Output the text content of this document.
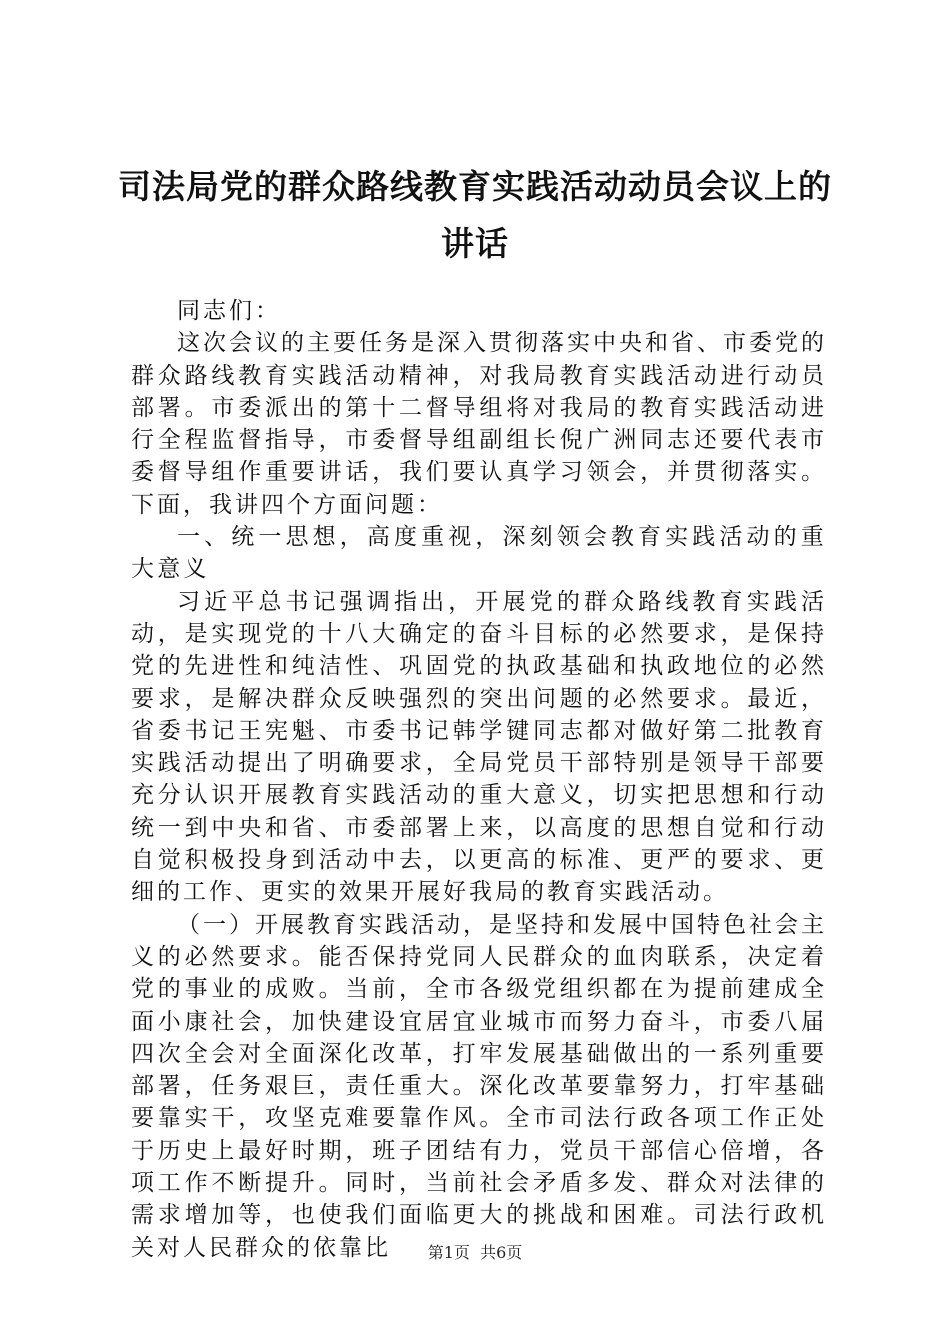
司法局党的群众路线教育实践活动动员会议上的讲话

同志们：

这次会议的主要任务是深入贯彻落实中央和省、市委党的群众路线教育实践活动精神，对我局教育实践活动进行动员部署。市委派出的第十二督导组将对我局的教育实践活动进行全程监督指导，市委督导组副组长倪广洲同志还要代表市委督导组作重要讲话，我们要认真学习领会，并贯彻落实。下面，我讲四个方面问题：

一、统一思想，高度重视，深刻领会教育实践活动的重大意义

习近平总书记强调指出，开展党的群众路线教育实践活动，是实现党的十八大确定的奋斗目标的必然要求，是保持党的先进性和纯洁性、巩固党的执政基础和执政地位的必然要求，是解决群众反映强烈的突出问题的必然要求。最近，省委书记王宪魁、市委书记韩学键同志都对做好第二批教育实践活动提出了明确要求，全局党员干部特别是领导干部要充分认识开展教育实践活动的重大意义，切实把思想和行动统一到中央和省、市委部署上来，以高度的思想自觉和行动自觉积极投身到活动中去，以更高的标准、更严的要求、更细的工作、更实的效果开展好我局的教育实践活动。

（一）开展教育实践活动，是坚持和发展中国特色社会主义的必然要求。能否保持党同人民群众的血肉联系，决定着党的事业的成败。当前，全市各级党组织都在为提前建成全面小康社会，加快建设宜居宜业城市而努力奋斗，市委八届四次全会对全面深化改革，打牢发展基础做出的一系列重要部署，任务艰巨，责任重大。深化改革要靠努力，打牢基础要靠实干，攻坚克难要靠作风。全市司法行政各项工作正处于历史上最好时期，班子团结有力，党员干部信心倍增，各项工作不断提升。同时，当前社会矛盾多发、群众对法律的需求增加等，也使我们面临更大的挑战和困难。司法行政机关对人民群众的依靠比	第1页  共6页
